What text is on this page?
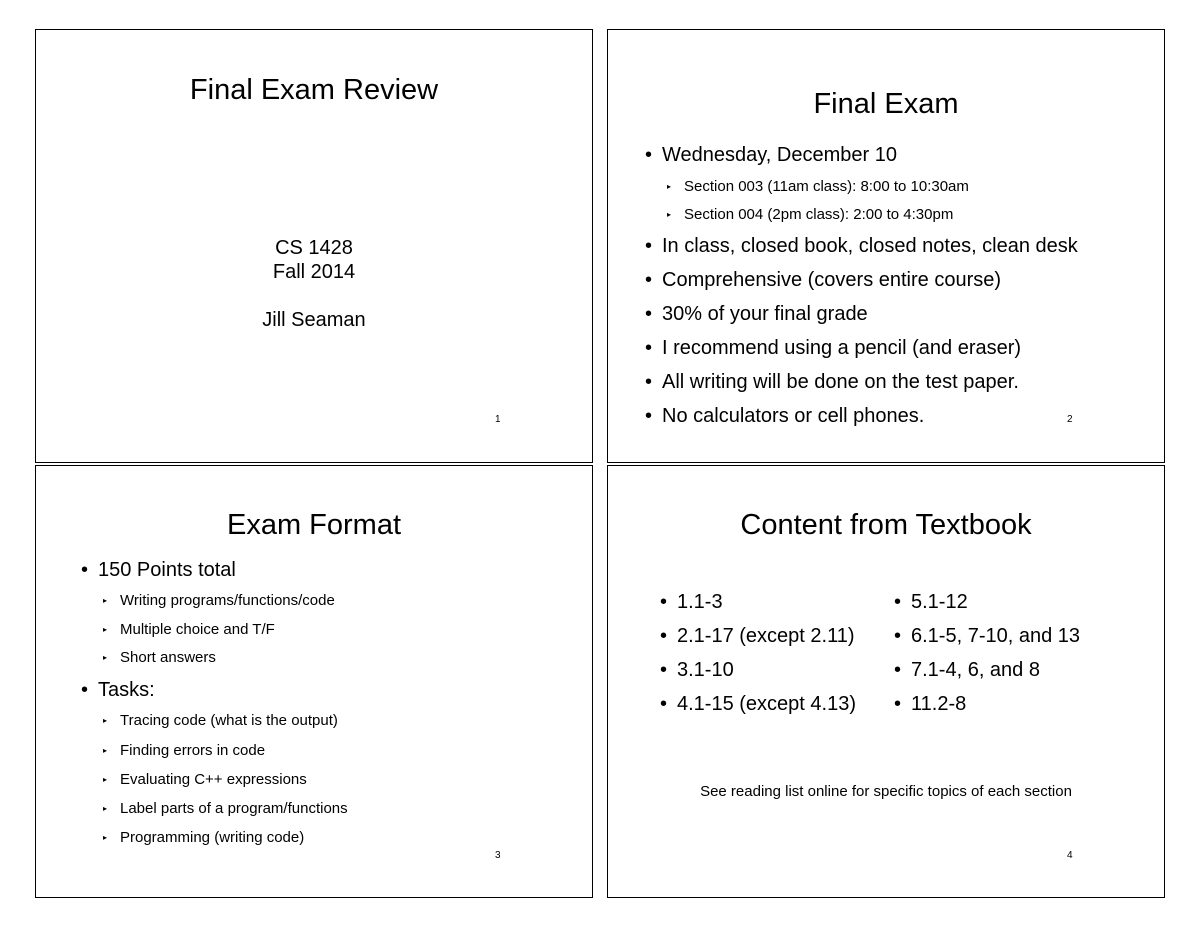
Final Exam Review
CS 1428
Fall 2014
Jill Seaman
1
Final Exam
• Wednesday, December 10
▸ Section 003 (11am class): 8:00 to 10:30am
▸ Section 004 (2pm class): 2:00 to 4:30pm
• In class, closed book, closed notes, clean desk
• Comprehensive (covers entire course)
• 30% of your final grade
• I recommend using a pencil (and eraser)
• All writing will be done on the test paper.
• No calculators or cell phones.	2
Exam Format
• 150 Points total
▸ Writing programs/functions/code
▸ Multiple choice and T/F
▸ Short answers
• Tasks:
▸ Tracing code (what is the output)
▸ Finding errors in code
▸ Evaluating C++ expressions
▸ Label parts of a program/functions
▸ Programming (writing code)
3
Content from Textbook
• 1.1-3
• 2.1-17 (except 2.11)
• 3.1-10
• 4.1-15 (except 4.13)
• 5.1-12
• 6.1-5, 7-10, and 13
• 7.1-4, 6, and 8
• 11.2-8
See reading list online for specific topics of each section
4
